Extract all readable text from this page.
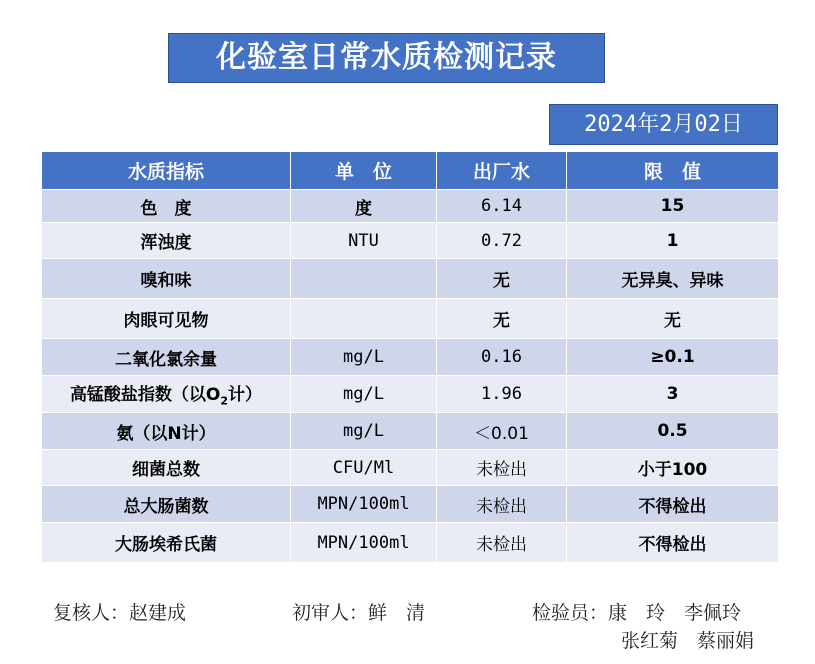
化验室日常水质检测记录
2024年2月02日
水质指标	单　位	出厂水	限　值
色　度	度	6.14	15
浑浊度	NTU	0.72	1
嗅和味		无	无异臭、异味
肉眼可见物		无	无
二氧化氯余量	mg/L	0.16	≥0.1
高锰酸盐指数（以$O_2$计）	mg/L	1.96	3
氨（以N计）	mg/L	＜0.01	0.5
细菌总数	CFU/Ml	未检出	小于100
总大肠菌数	MPN/100ml	未检出	不得检出
大肠埃希氏菌	MPN/100ml	未检出	不得检出
复核人：赵建成	初审人：鲜　清	检验员：康　玲　李佩玲
张红菊　蔡丽娟
